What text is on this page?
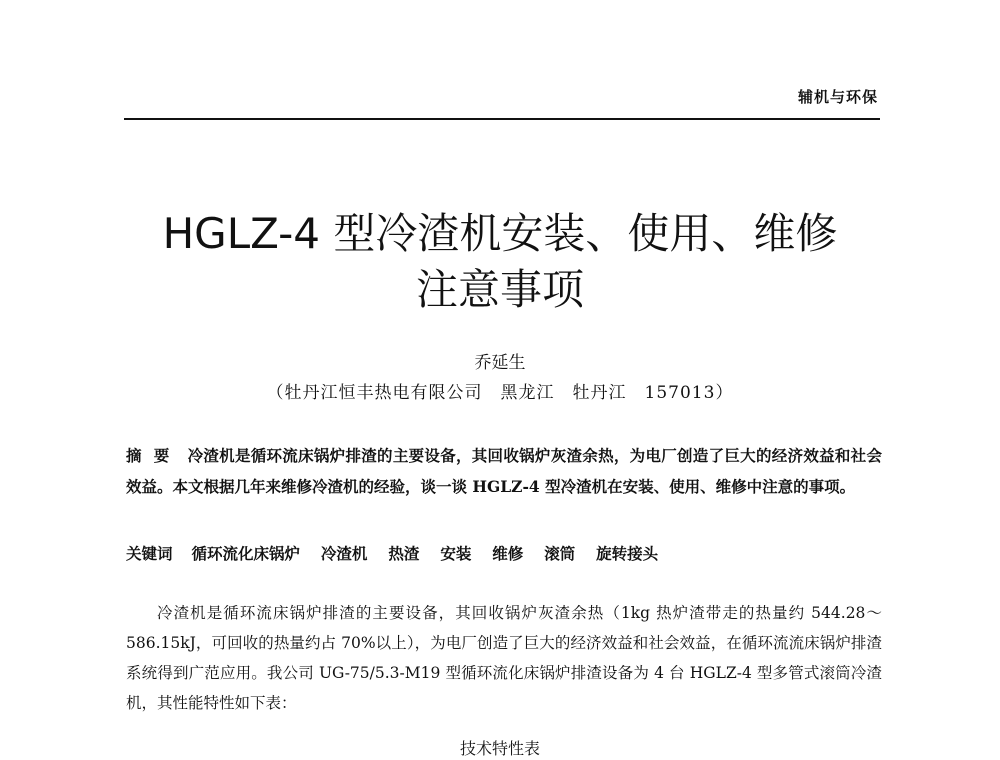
辅机与环保
HGLZ-4 型冷渣机安装、使用、维修
注意事项
乔延生
（牡丹江恒丰热电有限公司　黑龙江　牡丹江　157013）
摘要 冷渣机是循环流床锅炉排渣的主要设备，其回收锅炉灰渣余热，为电厂创造了巨大的经济效益和社会效益。本文根据几年来维修冷渣机的经验，谈一谈 HGLZ-4 型冷渣机在安装、使用、维修中注意的事项。
关键词 循环流化床锅炉 冷渣机 热渣 安装 维修 滚筒 旋转接头
冷渣机是循环流床锅炉排渣的主要设备，其回收锅炉灰渣余热（1kg 热炉渣带走的热量约 544.28～586.15kJ，可回收的热量约占 70%以上），为电厂创造了巨大的经济效益和社会效益，在循环流流床锅炉排渣系统得到广范应用。我公司 UG-75/5.3-M19 型循环流化床锅炉排渣设备为 4 台 HGLZ-4 型多管式滚筒冷渣机，其性能特性如下表：
技术特性表
